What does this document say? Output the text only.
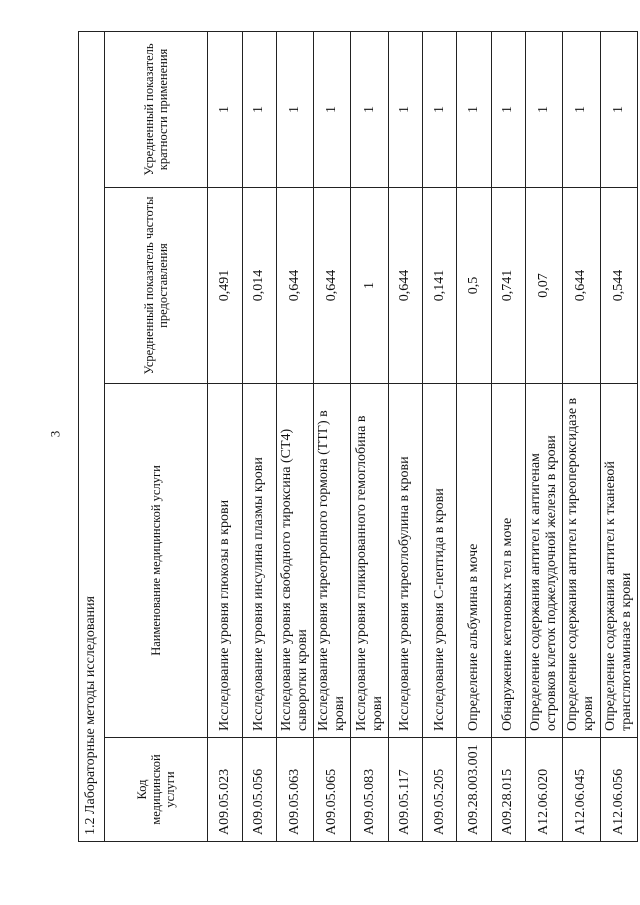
3
1.2 Лабораторные методы исследования			
Код медицинской услуги	Наименование медицинской услуги	Усредненный показатель частоты предоставления	Усредненный показатель кратности применения
A09.05.023	Исследование уровня глюкозы в крови	0,491	1
A09.05.056	Исследование уровня инсулина плазмы крови	0,014	1
A09.05.063	Исследование уровня свободного тироксина (СТ4) сыворотки крови	0,644	1
A09.05.065	Исследование уровня тиреотропного гормона (ТТГ) в крови	0,644	1
A09.05.083	Исследование уровня гликированного гемоглобина в крови	1	1
A09.05.117	Исследование уровня тиреоглобулина в крови	0,644	1
A09.05.205	Исследование уровня С-пептида в крови	0,141	1
A09.28.003.001	Определение альбумина в моче	0,5	1
A09.28.015	Обнаружение кетоновых тел в моче	0,741	1
A12.06.020	Определение содержания антител к антигенам островков клеток поджелудочной железы в крови	0,07	1
A12.06.045	Определение содержания антител к тиреопероксидазе в крови	0,644	1
A12.06.056	Определение содержания антител к тканевой трансглютаминазе в крови	0,544	1
